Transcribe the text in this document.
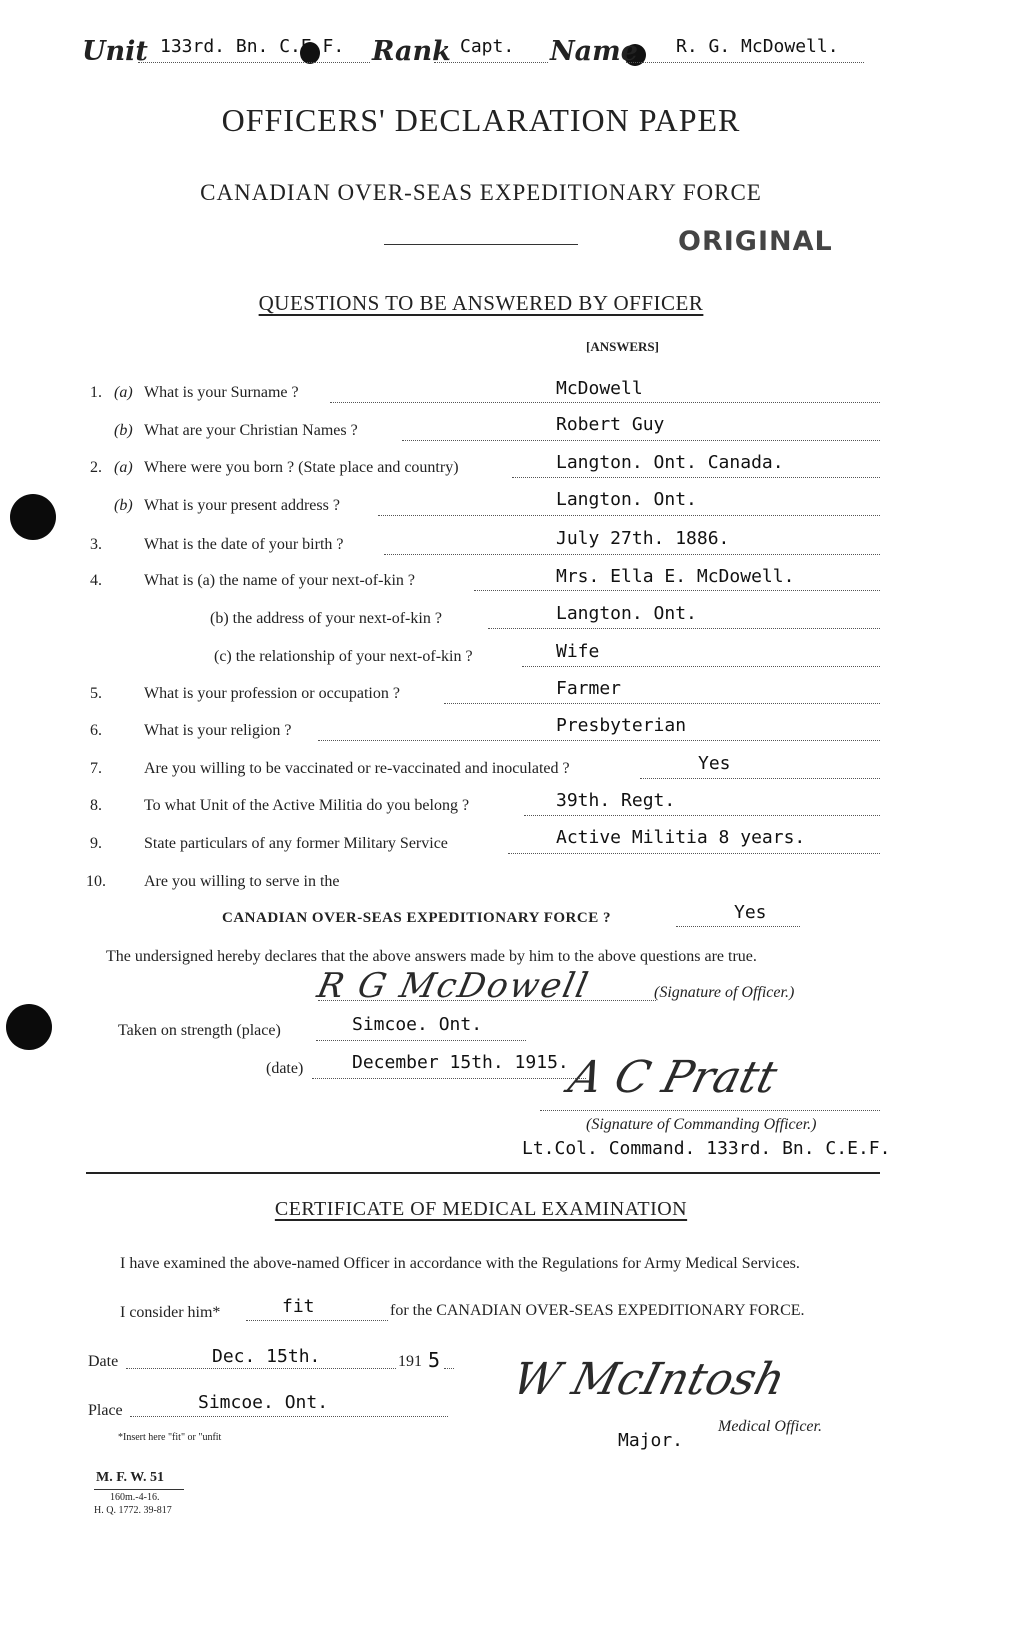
Unit 133rd. Bn. C.E.F. Rank Capt. Name R. G. McDowell.
OFFICERS' DECLARATION PAPER
CANADIAN OVER-SEAS EXPEDITIONARY FORCE
ORIGINAL
QUESTIONS TO BE ANSWERED BY OFFICER
[ANSWERS]
1. (a) What is your Surname ?	McDowell
(b) What are your Christian Names ?	Robert Guy
2. (a) Where were you born ? (State place and country)	Langton. Ont. Canada.
(b) What is your present address ?	Langton. Ont.
3.	What is the date of your birth ?	July 27th. 1886.
4.	What is (a) the name of your next-of-kin ?	Mrs. Ella E. McDowell.
(b) the address of your next-of-kin ?	Langton. Ont.
(c) the relationship of your next-of-kin ?	Wife
5.	What is your profession or occupation ?	Farmer
6.	What is your religion ?	Presbyterian
7.	Are you willing to be vaccinated or re-vaccinated and inoculated ?	Yes
8.	To what Unit of the Active Militia do you belong ?	39th. Regt.
9.	State particulars of any former Military Service	Active Militia 8 years.
10. Are you willing to serve in the
CANADIAN OVER-SEAS EXPEDITIONARY FORCE ?	Yes
The undersigned hereby declares that the above answers made by him to the above questions are true.
R G McDowell	(Signature of Officer.)
Taken on strength (place)	Simcoe. Ont.
(date)	December 15th. 1915.
A C Pratt
(Signature of Commanding Officer.)
Lt.Col. Command. 133rd. Bn. C.E.F.
CERTIFICATE OF MEDICAL EXAMINATION
I have examined the above-named Officer in accordance with the Regulations for Army Medical Services.
I consider him*	fit	for the CANADIAN OVER-SEAS EXPEDITIONARY FORCE.
Date	Dec. 15th.	191 5
Place	Simcoe. Ont.
*Insert here "fit" or "unfit
W McIntosh
Major.
Medical Officer.
M. F. W. 51
160m.-4-16.
H. Q. 1772. 39-817
